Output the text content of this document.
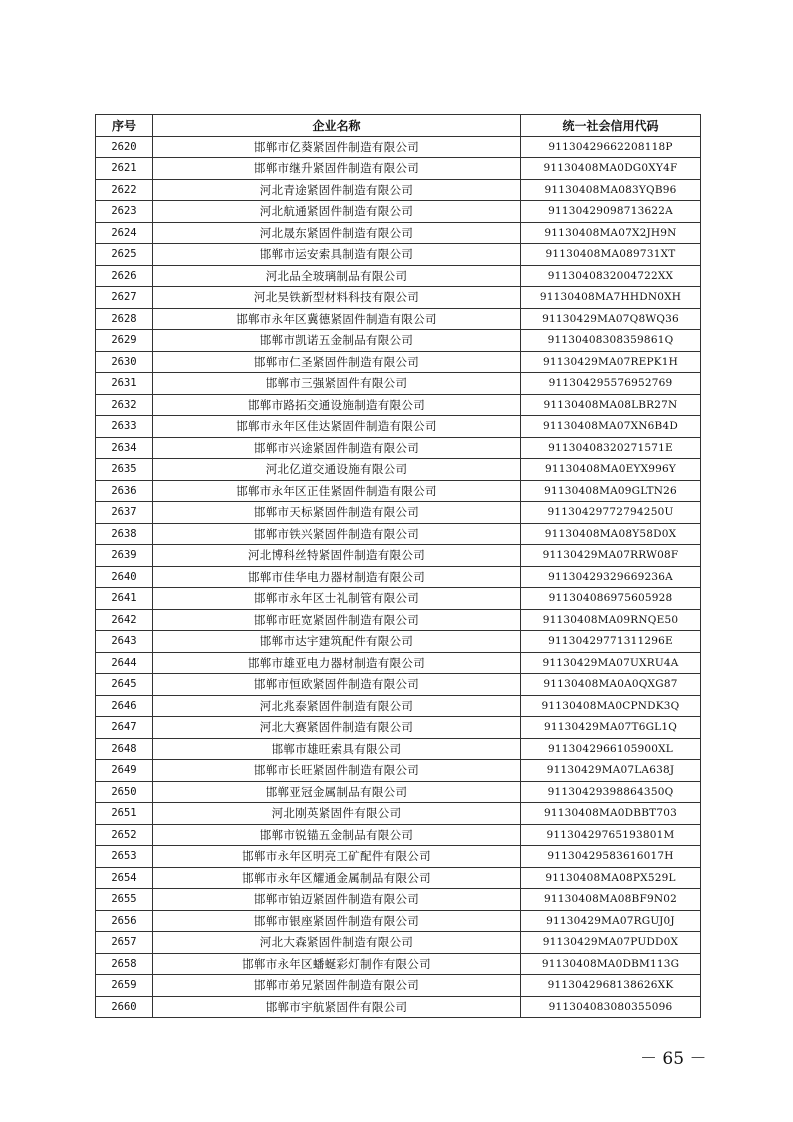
序号	企业名称	统一社会信用代码
2620	邯郸市亿葵紧固件制造有限公司	91130429662208118P
2621	邯郸市继升紧固件制造有限公司	91130408MA0DG0XY4F
2622	河北青途紧固件制造有限公司	91130408MA083YQB96
2623	河北航通紧固件制造有限公司	91130429098713622A
2624	河北晟东紧固件制造有限公司	91130408MA07X2JH9N
2625	邯郸市运安索具制造有限公司	91130408MA089731XT
2626	河北品全玻璃制品有限公司	9113040832004722XX
2627	河北昊铁新型材料科技有限公司	91130408MA7HHDN0XH
2628	邯郸市永年区冀德紧固件制造有限公司	91130429MA07Q8WQ36
2629	邯郸市凯诺五金制品有限公司	91130408308359861Q
2630	邯郸市仁圣紧固件制造有限公司	91130429MA07REPK1H
2631	邯郸市三强紧固件有限公司	911304295576952769
2632	邯郸市路拓交通设施制造有限公司	91130408MA08LBR27N
2633	邯郸市永年区佳达紧固件制造有限公司	91130408MA07XN6B4D
2634	邯郸市兴途紧固件制造有限公司	91130408320271571E
2635	河北亿道交通设施有限公司	91130408MA0EYX996Y
2636	邯郸市永年区正佳紧固件制造有限公司	91130408MA09GLTN26
2637	邯郸市天标紧固件制造有限公司	91130429772794250U
2638	邯郸市铁兴紧固件制造有限公司	91130408MA08Y58D0X
2639	河北博科丝特紧固件制造有限公司	91130429MA07RRW08F
2640	邯郸市佳华电力器材制造有限公司	91130429329669236A
2641	邯郸市永年区士礼制管有限公司	911304086975605928
2642	邯郸市旺宽紧固件制造有限公司	91130408MA09RNQE50
2643	邯郸市达宇建筑配件有限公司	91130429771311296E
2644	邯郸市雄亚电力器材制造有限公司	91130429MA07UXRU4A
2645	邯郸市恒欧紧固件制造有限公司	91130408MA0A0QXG87
2646	河北兆泰紧固件制造有限公司	91130408MA0CPNDK3Q
2647	河北大赛紧固件制造有限公司	91130429MA07T6GL1Q
2648	邯郸市雄旺索具有限公司	9113042966105900XL
2649	邯郸市长旺紧固件制造有限公司	91130429MA07LA638J
2650	邯郸亚冠金属制品有限公司	91130429398864350Q
2651	河北刚英紧固件有限公司	91130408MA0DBBT703
2652	邯郸市锐锚五金制品有限公司	91130429765193801M
2653	邯郸市永年区明亮工矿配件有限公司	91130429583616017H
2654	邯郸市永年区耀通金属制品有限公司	91130408MA08PX529L
2655	邯郸市铂迈紧固件制造有限公司	91130408MA08BF9N02
2656	邯郸市银座紧固件制造有限公司	91130429MA07RGUJ0J
2657	河北大森紧固件制造有限公司	91130429MA07PUDD0X
2658	邯郸市永年区蟠蜒彩灯制作有限公司	91130408MA0DBM113G
2659	邯郸市弟兄紧固件制造有限公司	9113042968138626XK
2660	邯郸市宇航紧固件有限公司	911304083080355096
－ 65 －
